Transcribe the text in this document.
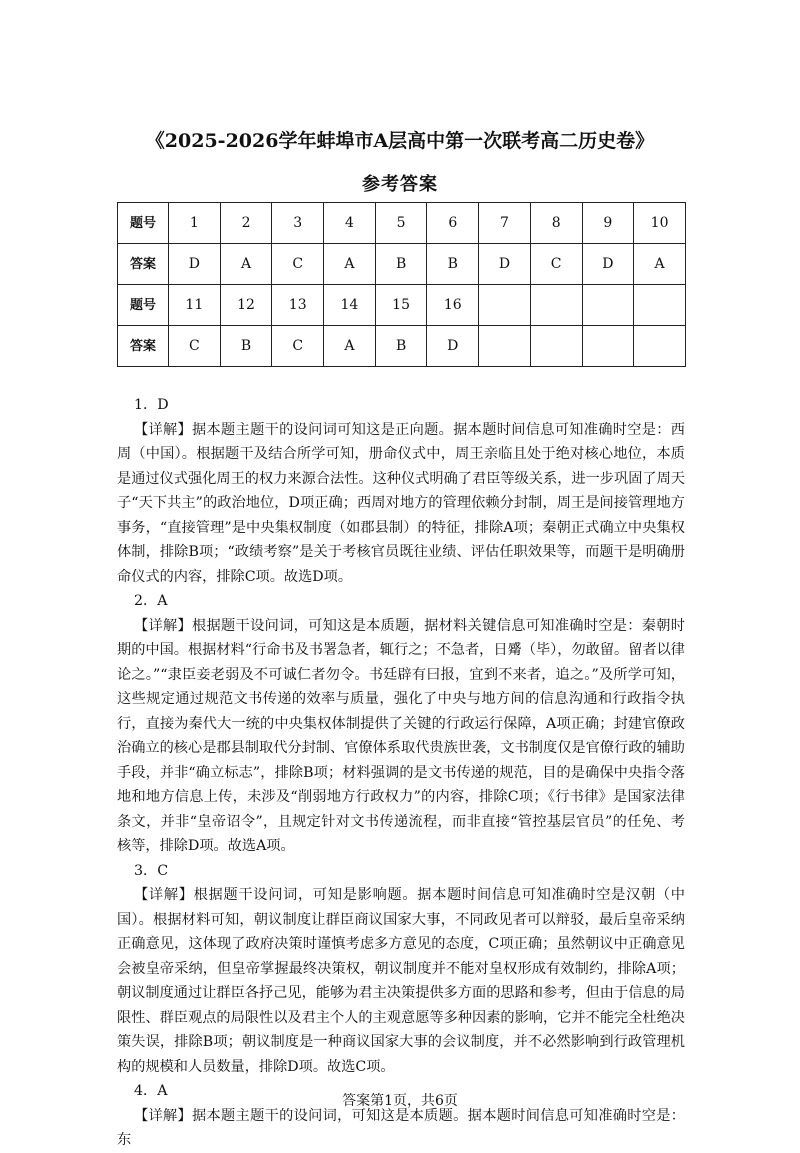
《2025-2026学年蚌埠市A层高中第一次联考高二历史卷》
参考答案
题号	1	2	3	4	5	6	7	8	9	10
答案	D	A	C	A	B	B	D	C	D	A
题号	11	12	13	14	15	16				
答案	C	B	C	A	B	D				
1．D
【详解】据本题主题干的设问词可知这是正向题。据本题时间信息可知准确时空是：西周（中国）。根据题干及结合所学可知，册命仪式中，周王亲临且处于绝对核心地位，本质是通过仪式强化周王的权力来源合法性。这种仪式明确了君臣等级关系，进一步巩固了周天子“天下共主”的政治地位，D项正确；西周对地方的管理依赖分封制，周王是间接管理地方事务，“直接管理”是中央集权制度（如郡县制）的特征，排除A项；秦朝正式确立中央集权体制，排除B项；“政绩考察”是关于考核官员既往业绩、评估任职效果等，而题干是明确册命仪式的内容，排除C项。故选D项。
2．A
【详解】根据题干设问词，可知这是本质题，据材料关键信息可知准确时空是：秦朝时期的中国。根据材料“行命书及书署急者，辄行之；不急者，日觱（毕），勿敢留。留者以律论之。”“隶臣妾老弱及不可诚仁者勿令。书廷辟有曰报，宜到不来者，追之。”及所学可知，这些规定通过规范文书传递的效率与质量，强化了中央与地方间的信息沟通和行政指令执行，直接为秦代大一统的中央集权体制提供了关键的行政运行保障，A项正确；封建官僚政治确立的核心是郡县制取代分封制、官僚体系取代贵族世袭，文书制度仅是官僚行政的辅助手段，并非“确立标志”，排除B项；材料强调的是文书传递的规范，目的是确保中央指令落地和地方信息上传，未涉及“削弱地方行政权力”的内容，排除C项；《行书律》是国家法律条文，并非“皇帝诏令”，且规定针对文书传递流程，而非直接“管控基层官员”的任免、考核等，排除D项。故选A项。
3．C
【详解】根据题干设问词，可知是影响题。据本题时间信息可知准确时空是汉朝（中国）。根据材料可知，朝议制度让群臣商议国家大事，不同政见者可以辩驳，最后皇帝采纳正确意见，这体现了政府决策时谨慎考虑多方意见的态度，C项正确；虽然朝议中正确意见会被皇帝采纳，但皇帝掌握最终决策权，朝议制度并不能对皇权形成有效制约，排除A项；朝议制度通过让群臣各抒己见，能够为君主决策提供多方面的思路和参考，但由于信息的局限性、群臣观点的局限性以及君主个人的主观意愿等多种因素的影响，它并不能完全杜绝决策失误，排除B项；朝议制度是一种商议国家大事的会议制度，并不必然影响到行政管理机构的规模和人员数量，排除D项。故选C项。
4．A
【详解】据本题主题干的设问词，可知这是本质题。据本题时间信息可知准确时空是：东
答案第1页，共6页
